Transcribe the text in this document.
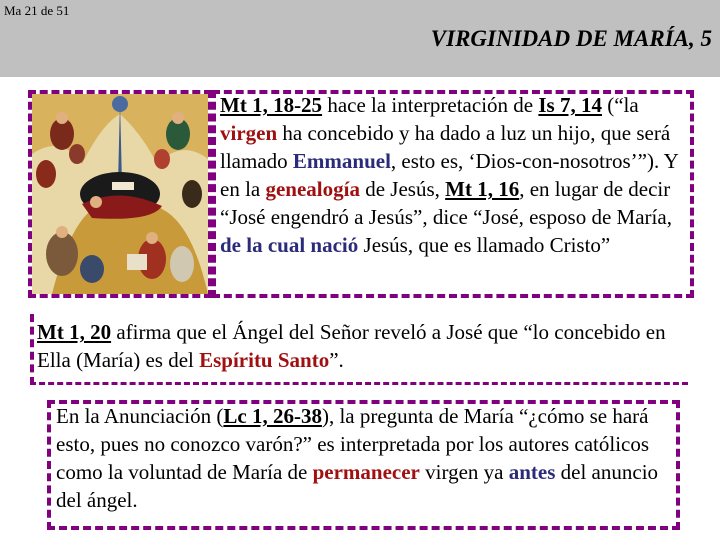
Ma 21 de 51
VIRGINIDAD DE MARÍA, 5
Mt 1, 18-25 hace la interpretación de Is 7, 14 (“la virgen ha concebido y ha dado a luz un hijo, que será llamado Emmanuel, esto es, ‘Dios-con-nosotros’”). Y en la genealogía de Jesús, Mt 1, 16, en lugar de decir “José engendró a Jesús”, dice “José, esposo de María, de la cual nació Jesús, que es llamado Cristo”
Mt 1, 20 afirma que el Ángel del Señor reveló a José que “lo concebido en Ella (María) es del Espíritu Santo”.
En la Anunciación (Lc 1, 26-38), la pregunta de María “¿cómo se hará esto, pues no conozco varón?” es interpretada por los autores católicos como la voluntad de María de permanecer virgen ya antes del anuncio del ángel.
